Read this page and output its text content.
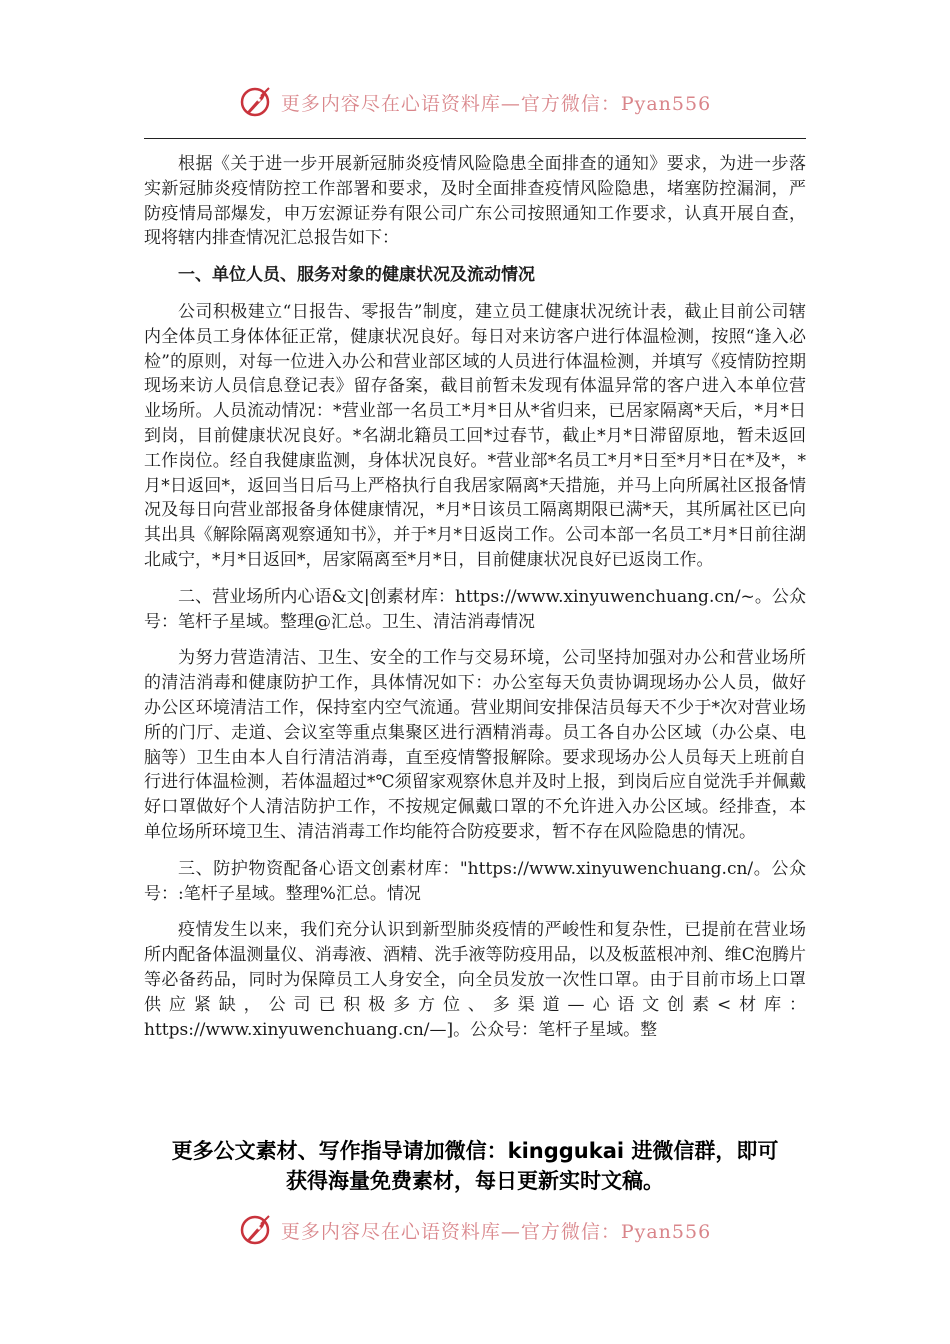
更多内容尽在心语资料库—官方微信：Pyan556

根据《关于进一步开展新冠肺炎疫情风险隐患全面排查的通知》要求，为进一步落实新冠肺炎疫情防控工作部署和要求，及时全面排查疫情风险隐患，堵塞防控漏洞，严防疫情局部爆发，申万宏源证券有限公司广东公司按照通知工作要求，认真开展自查，现将辖内排查情况汇总报告如下：

一、单位人员、服务对象的健康状况及流动情况

公司积极建立“日报告、零报告”制度，建立员工健康状况统计表，截止目前公司辖内全体员工身体体征正常，健康状况良好。每日对来访客户进行体温检测，按照“逢入必检”的原则，对每一位进入办公和营业部区域的人员进行体温检测，并填写《疫情防控期现场来访人员信息登记表》留存备案，截目前暂未发现有体温异常的客户进入本单位营业场所。人员流动情况：*营业部一名员工*月*日从*省归来，已居家隔离*天后，*月*日到岗，目前健康状况良好。*名湖北籍员工回*过春节，截止*月*日滞留原地，暂未返回工作岗位。经自我健康监测，身体状况良好。*营业部*名员工*月*日至*月*日在*及*，*月*日返回*，返回当日后马上严格执行自我居家隔离*天措施，并马上向所属社区报备情况及每日向营业部报备身体健康情况，*月*日该员工隔离期限已满*天，其所属社区已向其出具《解除隔离观察通知书》，并于*月*日返岗工作。公司本部一名员工*月*日前往湖北咸宁，*月*日返回*，居家隔离至*月*日，目前健康状况良好已返岗工作。

二、营业场所内心语&文|创素材库：https://www.xinyuwenchuang.cn/~。公众号：笔杆子星域。整理@汇总。卫生、清洁消毒情况

为努力营造清洁、卫生、安全的工作与交易环境，公司坚持加强对办公和营业场所的清洁消毒和健康防护工作，具体情况如下：办公室每天负责协调现场办公人员，做好办公区环境清洁工作，保持室内空气流通。营业期间安排保洁员每天不少于*次对营业场所的门厅、走道、会议室等重点集聚区进行酒精消毒。员工各自办公区域（办公桌、电脑等）卫生由本人自行清洁消毒，直至疫情警报解除。要求现场办公人员每天上班前自行进行体温检测，若体温超过*℃须留家观察休息并及时上报，到岗后应自觉洗手并佩戴好口罩做好个人清洁防护工作，不按规定佩戴口罩的不允许进入办公区域。经排查，本单位场所环境卫生、清洁消毒工作均能符合防疫要求，暂不存在风险隐患的情况。

三、防护物资配备心语文创素材库："https://www.xinyuwenchuang.cn/。公众号：:笔杆子星域。整理%汇总。情况

疫情发生以来，我们充分认识到新型肺炎疫情的严峻性和复杂性，已提前在营业场所内配备体温测量仪、消毒液、酒精、洗手液等防疫用品，以及板蓝根冲剂、维C泡腾片等必备药品，同时为保障员工人身安全，向全员发放一次性口罩。由于目前市场上口罩供应紧缺，公司已积极多方位、多渠道—心语文创素<材库：https://www.xinyuwenchuang.cn/—]。公众号：笔杆子星域。整

更多公文素材、写作指导请加微信：kinggukai 进微信群，即可
获得海量免费素材，每日更新实时文稿。
更多内容尽在心语资料库—官方微信：Pyan556
